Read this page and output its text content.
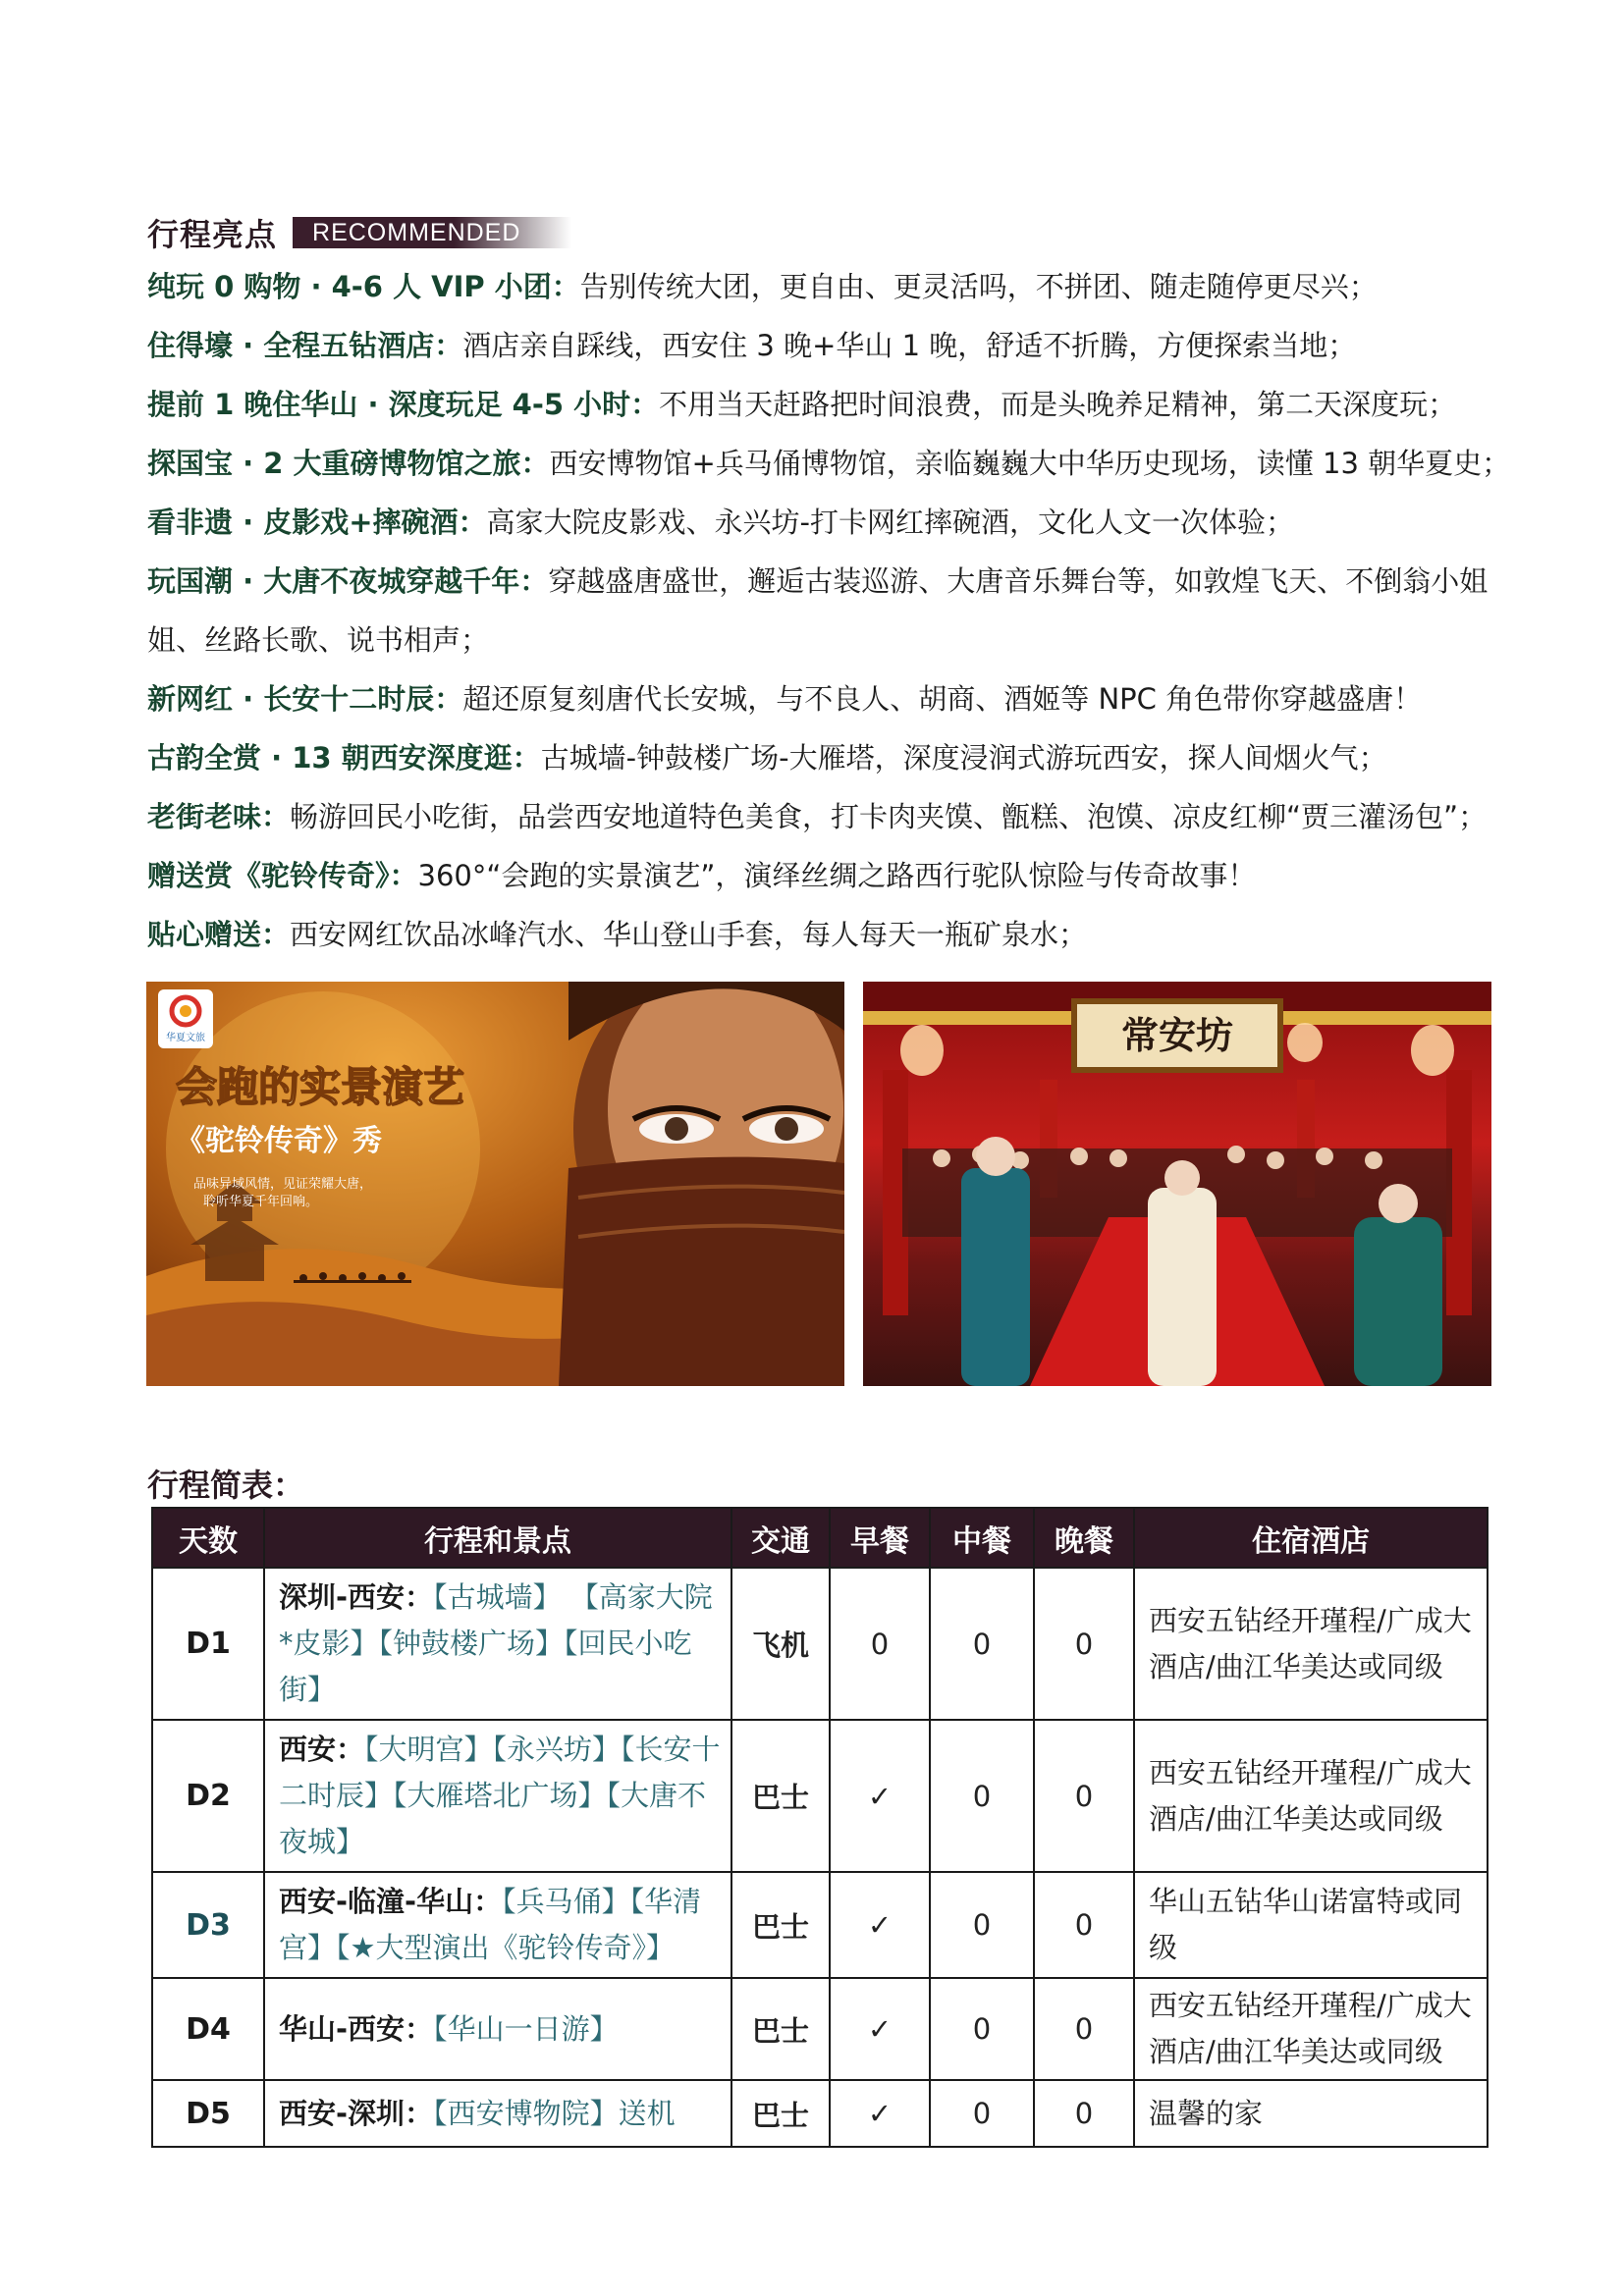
行程亮点	RECOMMENDED
纯玩 0 购物 · 4-6 人 VIP 小团：告别传统大团，更自由、更灵活吗，不拼团、随走随停更尽兴；
住得壕 · 全程五钻酒店：酒店亲自踩线，西安住 3 晚+华山 1 晚，舒适不折腾，方便探索当地；
提前 1 晚住华山 · 深度玩足 4-5 小时：不用当天赶路把时间浪费，而是头晚养足精神，第二天深度玩；
探国宝 · 2 大重磅博物馆之旅：西安博物馆+兵马俑博物馆，亲临巍巍大中华历史现场，读懂 13 朝华夏史；
看非遗 · 皮影戏+摔碗酒：高家大院皮影戏、永兴坊-打卡网红摔碗酒，文化人文一次体验；
玩国潮 · 大唐不夜城穿越千年：穿越盛唐盛世，邂逅古装巡游、大唐音乐舞台等，如敦煌飞天、不倒翁小姐姐、丝路长歌、说书相声；
新网红 · 长安十二时辰：超还原复刻唐代长安城，与不良人、胡商、酒姬等 NPC 角色带你穿越盛唐！
古韵全赏 · 13 朝西安深度逛：古城墙-钟鼓楼广场-大雁塔，深度浸润式游玩西安，探人间烟火气；
老街老味：畅游回民小吃街，品尝西安地道特色美食，打卡肉夹馍、甑糕、泡馍、凉皮红柳“贾三灌汤包”；
赠送赏《驼铃传奇》：360°“会跑的实景演艺”，演绎丝绸之路西行驼队惊险与传奇故事！
贴心赠送：西安网红饮品冰峰汽水、华山登山手套，每人每天一瓶矿泉水；
华夏文旅
会跑的实景演艺
《驼铃传奇》秀
品味异域风情，见证荣耀大唐，
聆听华夏千年回响。
常安坊
行程简表：
天数	行程和景点	交通	早餐	中餐	晚餐	住宿酒店
D1	深圳-西安：【古城墙】 【高家大院*皮影】【钟鼓楼广场】【回民小吃街】	飞机	0	0	0	西安五钻经开瑾程/广成大酒店/曲江华美达或同级
D2	西安：【大明宫】【永兴坊】【长安十二时辰】【大雁塔北广场】【大唐不夜城】	巴士	✓	0	0	西安五钻经开瑾程/广成大酒店/曲江华美达或同级
D3	西安-临潼-华山：【兵马俑】【华清宫】【★大型演出《驼铃传奇》】	巴士	✓	0	0	华山五钻华山诺富特或同级
D4	华山-西安：【华山一日游】	巴士	✓	0	0	西安五钻经开瑾程/广成大酒店/曲江华美达或同级
D5	西安-深圳：【西安博物院】送机	巴士	✓	0	0	温馨的家
